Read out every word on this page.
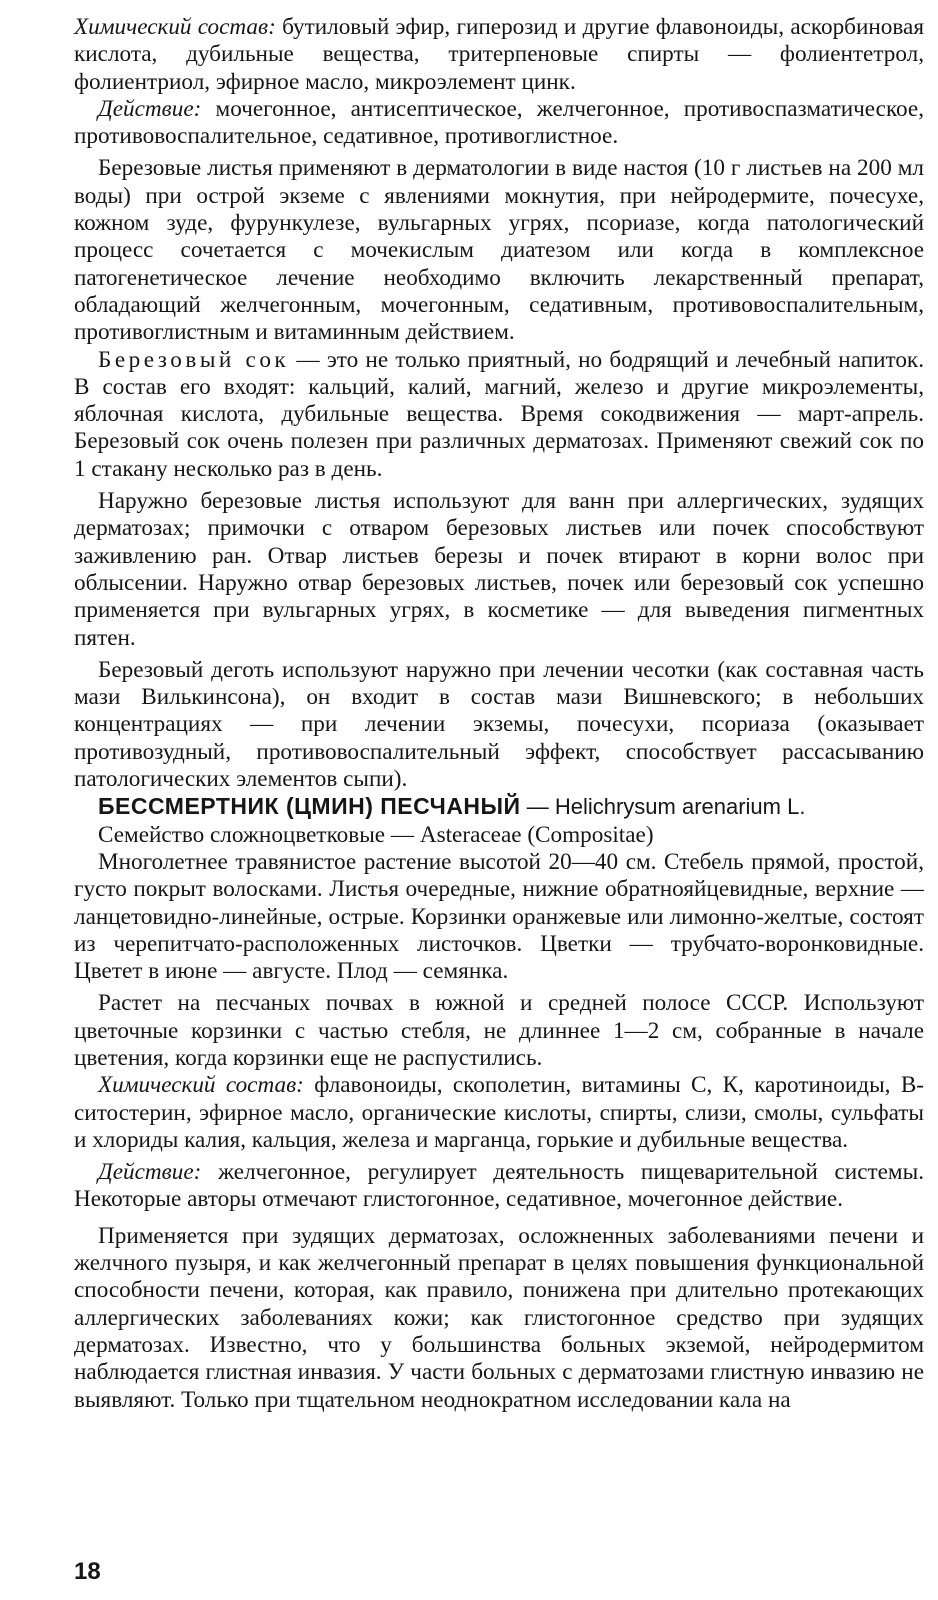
Химический состав: бутиловый эфир, гиперозид и другие флавоноиды, аскорбиновая кислота, дубильные вещества, тритерпеновые спирты — фолиентетрол, фолиентриол, эфирное масло, микроэлемент цинк.

Действие: мочегонное, антисептическое, желчегонное, противоспазматическое, противовоспалительное, седативное, противоглистное.

Березовые листья применяют в дерматологии в виде настоя (10 г листьев на 200 мл воды) при острой экземе с явлениями мокнутия, при нейродермите, почесухе, кожном зуде, фурункулезе, вульгарных угрях, псориазе, когда патологический процесс сочетается с мочекислым диатезом или когда в комплексное патогенетическое лечение необходимо включить лекарственный препарат, обладающий желчегонным, мочегонным, седативным, противовоспалительным, противоглистным и витаминным действием.

Березовый сок — это не только приятный, но бодрящий и лечебный напиток. В состав его входят: кальций, калий, магний, железо и другие микроэлементы, яблочная кислота, дубильные вещества. Время сокодвижения — март-апрель. Березовый сок очень полезен при различных дерматозах. Применяют свежий сок по 1 стакану несколько раз в день.

Наружно березовые листья используют для ванн при аллергических, зудящих дерматозах; примочки с отваром березовых листьев или почек способствуют заживлению ран. Отвар листьев березы и почек втирают в корни волос при облысении. Наружно отвар березовых листьев, почек или березовый сок успешно применяется при вульгарных угрях, в косметике — для выведения пигментных пятен.

Березовый деготь используют наружно при лечении чесотки (как составная часть мази Вилькинсона), он входит в состав мази Вишневского; в небольших концентрациях — при лечении экземы, почесухи, псориаза (оказывает противозудный, противовоспалительный эффект, способствует рассасыванию патологических элементов сыпи).

БЕССМЕРТНИК (ЦМИН) ПЕСЧАНЫЙ — Helichrysum arenarium L.

Семейство сложноцветковые — Asteraceae (Compositae)

Многолетнее травянистое растение высотой 20—40 см. Стебель прямой, простой, густо покрыт волосками. Листья очередные, нижние обратнояйцевидные, верхние — ланцетовидно-линейные, острые. Корзинки оранжевые или лимонно-желтые, состоят из черепитчато-расположенных листочков. Цветки — трубчато-воронковидные. Цветет в июне — августе. Плод — семянка.

Растет на песчаных почвах в южной и средней полосе СССР. Используют цветочные корзинки с частью стебля, не длиннее 1—2 см, собранные в начале цветения, когда корзинки еще не распустились.

Химический состав: флавоноиды, скополетин, витамины С, К, каротиноиды, В-ситостерин, эфирное масло, органические кислоты, спирты, слизи, смолы, сульфаты и хлориды калия, кальция, железа и марганца, горькие и дубильные вещества.

Действие: желчегонное, регулирует деятельность пищеварительной системы. Некоторые авторы отмечают глистогонное, седативное, мочегонное действие.

Применяется при зудящих дерматозах, осложненных заболеваниями печени и желчного пузыря, и как желчегонный препарат в целях повышения функциональной способности печени, которая, как правило, понижена при длительно протекающих аллергических заболеваниях кожи; как глистогонное средство при зудящих дерматозах. Известно, что у большинства больных экземой, нейродермитом наблюдается глистная инвазия. У части больных с дерматозами глистную инвазию не выявляют. Только при тщательном неоднократном исследовании кала на

18
